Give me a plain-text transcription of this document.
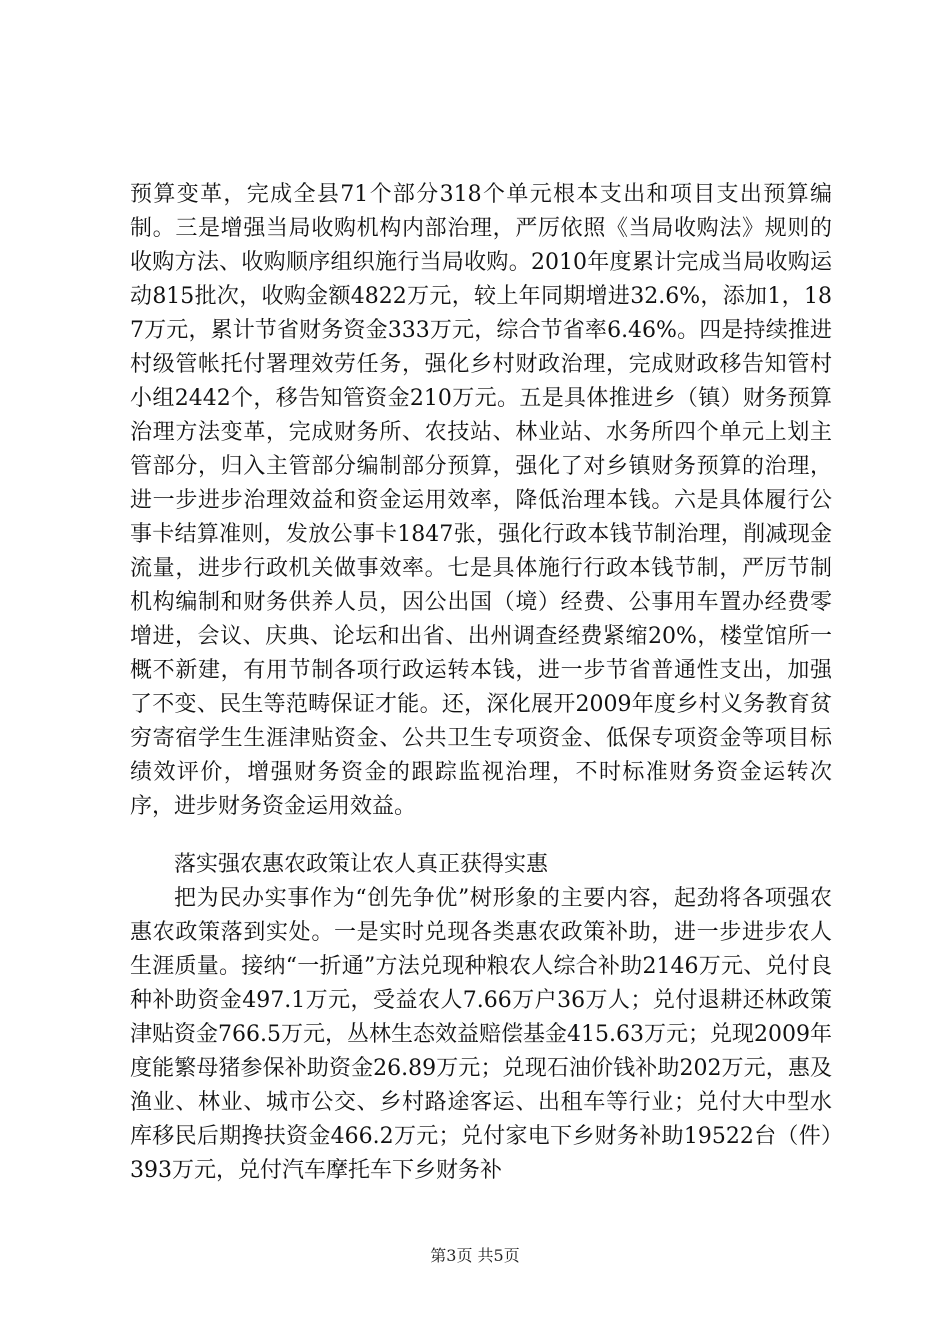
预算变革，完成全县71个部分318个单元根本支出和项目支出预算编制。三是增强当局收购机构内部治理，严厉依照《当局收购法》规则的收购方法、收购顺序组织施行当局收购。2010年度累计完成当局收购运动815批次，收购金额4822万元，较上年同期增进32.6%，添加1，187万元，累计节省财务资金333万元，综合节省率6.46%。四是持续推进村级管帐托付署理效劳任务，强化乡村财政治理，完成财政移告知管村小组2442个，移告知管资金210万元。五是具体推进乡（镇）财务预算治理方法变革，完成财务所、农技站、林业站、水务所四个单元上划主管部分，归入主管部分编制部分预算，强化了对乡镇财务预算的治理，进一步进步治理效益和资金运用效率，降低治理本钱。六是具体履行公事卡结算准则，发放公事卡1847张，强化行政本钱节制治理，削减现金流量，进步行政机关做事效率。七是具体施行行政本钱节制，严厉节制机构编制和财务供养人员，因公出国（境）经费、公事用车置办经费零增进，会议、庆典、论坛和出省、出州调查经费紧缩20%，楼堂馆所一概不新建，有用节制各项行政运转本钱，进一步节省普通性支出，加强了不变、民生等范畴保证才能。还，深化展开2009年度乡村义务教育贫穷寄宿学生生涯津贴资金、公共卫生专项资金、低保专项资金等项目标绩效评价，增强财务资金的跟踪监视治理，不时标准财务资金运转次序，进步财务资金运用效益。

落实强农惠农政策让农人真正获得实惠

把为民办实事作为“创先争优”树形象的主要内容，起劲将各项强农惠农政策落到实处。一是实时兑现各类惠农政策补助，进一步进步农人生涯质量。接纳“一折通”方法兑现种粮农人综合补助2146万元、兑付良种补助资金497.1万元，受益农人7.66万户36万人；兑付退耕还林政策津贴资金766.5万元，丛林生态效益赔偿基金415.63万元；兑现2009年度能繁母猪参保补助资金26.89万元；兑现石油价钱补助202万元，惠及渔业、林业、城市公交、乡村路途客运、出租车等行业；兑付大中型水库移民后期搀扶资金466.2万元；兑付家电下乡财务补助19522台（件）393万元，兑付汽车摩托车下乡财务补

第3页 共5页
